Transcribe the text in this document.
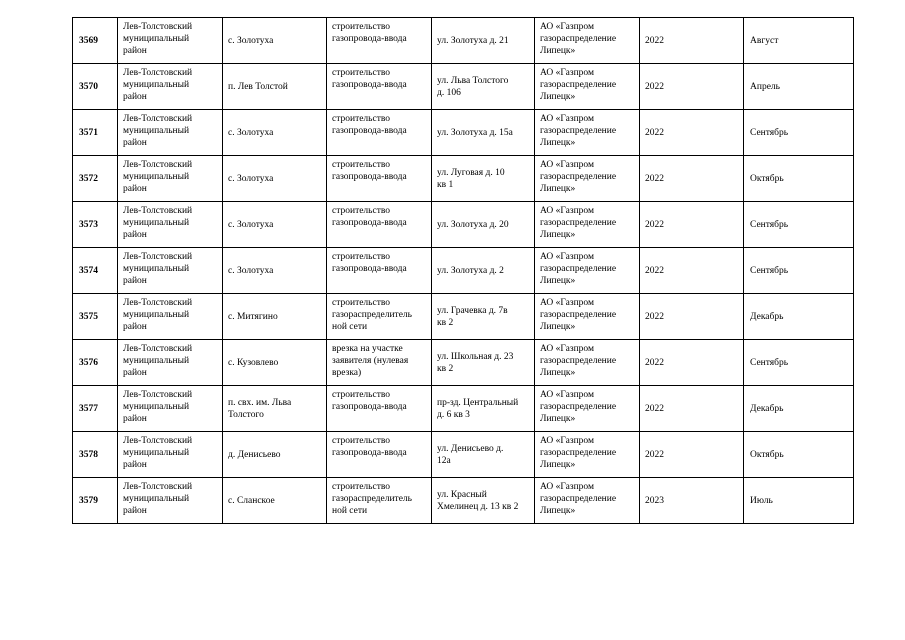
3569	Лев-Толстовский
муниципальный
район	с. Золотуха	строительство
газопровода-ввода	ул. Золотуха д. 21	АО «Газпром
газораспределение
Липецк»	2022	Август

3570	Лев-Толстовский
муниципальный
район	п. Лев Толстой	строительство
газопровода-ввода	ул. Льва Толстого
д. 106	АО «Газпром
газораспределение
Липецк»	2022	Апрель

3571	Лев-Толстовский
муниципальный
район	с. Золотуха	строительство
газопровода-ввода	ул. Золотуха д. 15а	АО «Газпром
газораспределение
Липецк»	2022	Сентябрь

3572	Лев-Толстовский
муниципальный
район	с. Золотуха	строительство
газопровода-ввода	ул. Луговая д. 10
кв 1	АО «Газпром
газораспределение
Липецк»	2022	Октябрь

3573	Лев-Толстовский
муниципальный
район	с. Золотуха	строительство
газопровода-ввода	ул. Золотуха д. 20	АО «Газпром
газораспределение
Липецк»	2022	Сентябрь

3574	Лев-Толстовский
муниципальный
район	с. Золотуха	строительство
газопровода-ввода	ул. Золотуха д. 2	АО «Газпром
газораспределение
Липецк»	2022	Сентябрь

3575	Лев-Толстовский
муниципальный
район	с. Митягино	строительство
газораспределитель
ной сети	ул. Грачевка д. 7в
кв 2	АО «Газпром
газораспределение
Липецк»	2022	Декабрь

3576	Лев-Толстовский
муниципальный
район	с. Кузовлево	врезка на участке
заявителя (нулевая
врезка)	ул. Школьная д. 23
кв 2	АО «Газпром
газораспределение
Липецк»	2022	Сентябрь

3577	Лев-Толстовский
муниципальный
район	п. свх. им. Льва
Толстого	строительство
газопровода-ввода	пр-зд. Центральный
д. 6 кв 3	АО «Газпром
газораспределение
Липецк»	2022	Декабрь

3578	Лев-Толстовский
муниципальный
район	д. Денисьево	строительство
газопровода-ввода	ул. Денисьево д.
12а	АО «Газпром
газораспределение
Липецк»	2022	Октябрь

3579	Лев-Толстовский
муниципальный
район	с. Сланское	строительство
газораспределитель
ной сети	ул. Красный
Хмелинец д. 13 кв 2	АО «Газпром
газораспределение
Липецк»	2023	Июль
